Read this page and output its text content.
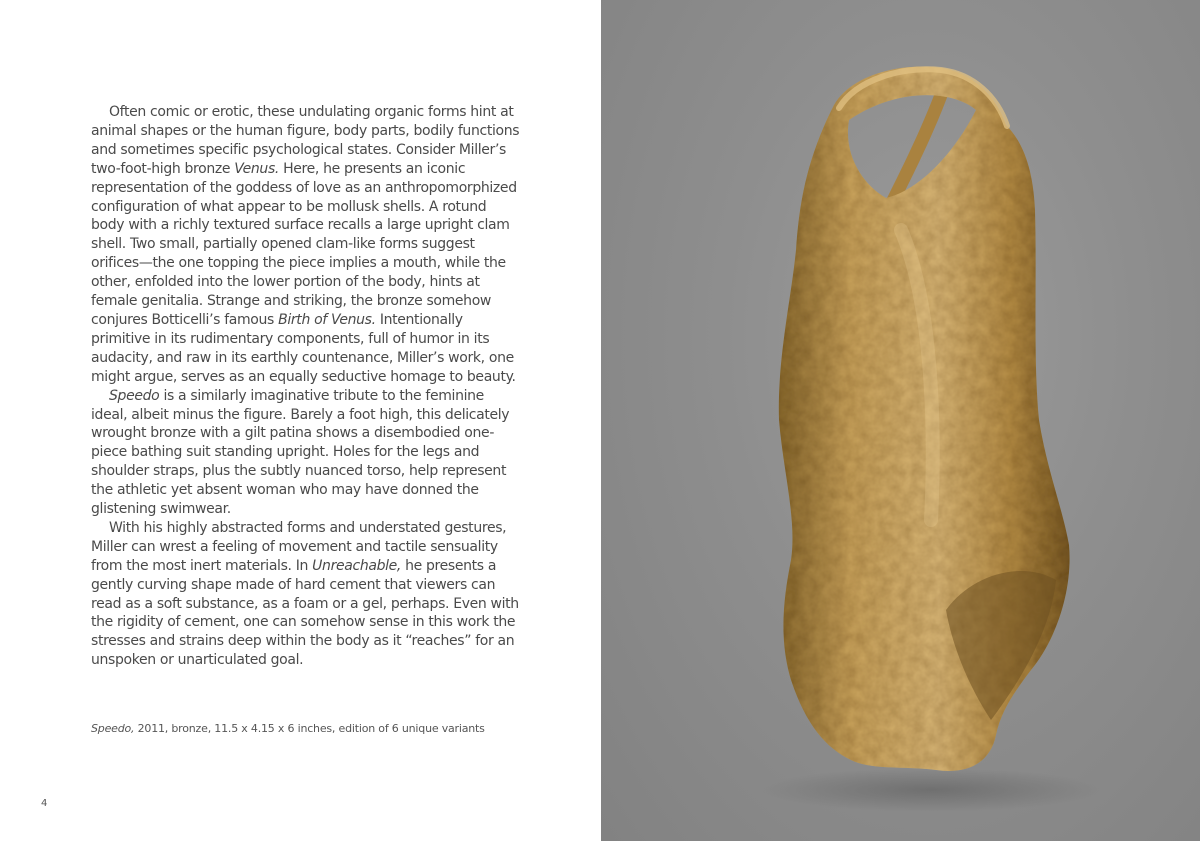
Often comic or erotic, these undulating organic forms hint at animal shapes or the human figure, body parts, bodily functions and sometimes specific psychological states. Consider Miller’s two-foot-high bronze Venus. Here, he presents an iconic representation of the goddess of love as an anthropomorphized configuration of what appear to be mollusk shells. A rotund body with a richly textured surface recalls a large upright clam shell. Two small, partially opened clam-like forms suggest orifices—the one topping the piece implies a mouth, while the other, enfolded into the lower portion of the body, hints at female genitalia. Strange and striking, the bronze somehow conjures Botticelli’s famous Birth of Venus. Intentionally primitive in its rudimentary components, full of humor in its audacity, and raw in its earthly countenance, Miller’s work, one might argue, serves as an equally seductive homage to beauty.

Speedo is a similarly imaginative tribute to the feminine ideal, albeit minus the figure. Barely a foot high, this delicately wrought bronze with a gilt patina shows a disembodied one-piece bathing suit standing upright. Holes for the legs and shoulder straps, plus the subtly nuanced torso, help represent the athletic yet absent woman who may have donned the glistening swimwear.

With his highly abstracted forms and understated gestures, Miller can wrest a feeling of movement and tactile sensuality from the most inert materials. In Unreachable, he presents a gently curving shape made of hard cement that viewers can read as a soft substance, as a foam or a gel, perhaps. Even with the rigidity of cement, one can somehow sense in this work the stresses and strains deep within the body as it “reaches” for an unspoken or unarticulated goal.

Speedo, 2011, bronze, 11.5 x 4.15 x 6 inches, edition of 6 unique variants
4
